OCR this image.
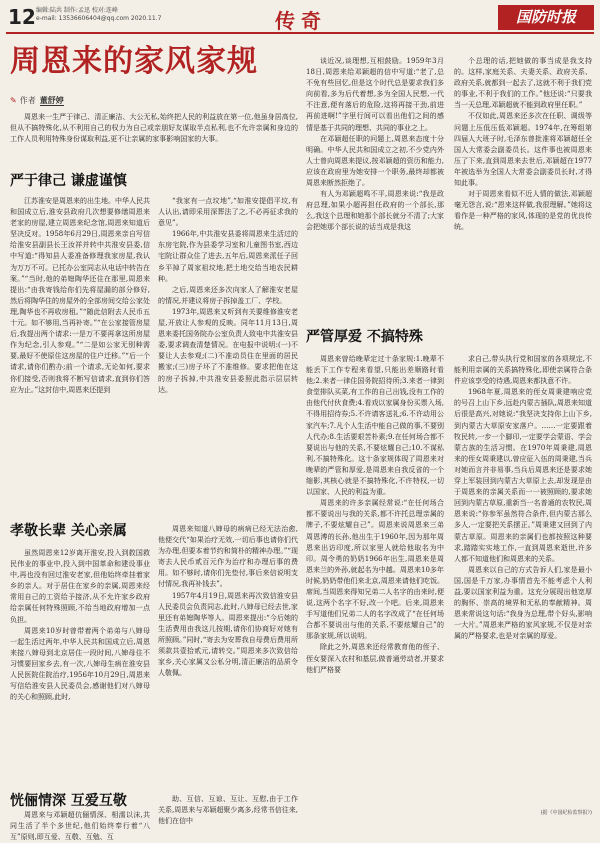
12 编辑:陆共 制作:孟迅 校对:连峰
e-mail: 13536606404@qq.com 2020.11.7	传奇	国防时报
周恩来的家风家规
✎ 作者 董舒婷

周恩来一生严于律己、清正廉洁、大公无私,始终把人民的利益放在第一位,他虽身居高位,但从不搞特殊化,从不利用自己的权力为自己或亲朋好友谋取半点私利,也不允许亲属和身边的工作人员利用特殊身份谋取利益,更不让亲属的家事影响国家的大事。

严于律己 谦虚谨慎

江苏淮安是周恩来的出生地。中华人民共和国成立后,淮安县政府几次想要修缮周恩来老家的房屋,建立周恩来纪念馆,周恩来知道后坚决反对。1958年6月29日,周恩来亲自写信给淮安县副县长王汝祥并转中共淮安县委,信中写道:“得知县人委准备修理我家房屋,我认为万万不可。已托办公室同志从电话中转告在案。”“当时,他的弟媳陶华还住在那里,周恩来提出:“由我寄钱给你们先将屋漏的部分修好,然后将陶华住的房屋外的全部房间交给公家处理,陶华也不再收房租。”“随此信附去人民币五十元。如不够用,当再补寄。”“在公家接管房屋后,我提出两个请求:一是万不要再拿这所房屋作为纪念,引人参观。”“二是如公家无别种需要,最好不使原住这房屋的住户迁移。”“后一个请求,请你们酌办;前一个请求,无论如何,要求你们接受,否则我将不断写信请求,直到你们答应为止。”这封信中,周恩来还提到

“我家有一点坟地”,“如淮安提倡平坟,有人认出,请即采用深葬法了之,不必再征求我的意见”。

1966年,中共淮安县委将周恩来生活过的东房宅院,作为县委学习室和儿童图书室,西边宅院让群众住了进去,五年后,周恩来派任子回乡平掉了周家祖坟地,把土地交给当地农民耕种。

之后,周恩来还多次向家人了解淮安老屋的情况,并建议将房子拆掉盖工厂、学校。

1973年,周恩来又听到有关要维修淮安老屋,开放让人参观的反映。同年11月13日,周恩来委托国务院办公室负责人致电中共淮安县委,要求调查清楚情况。在电报中说明:(一)不要让人去参观;(二)不准动员住在里面的居民搬家;(三)房子坏了不准维修。要求把他在这的房子拆掉,中共淮安县委照此指示层层转达。

孝敬长辈 关心亲属

虽然周恩来12岁离开淮安,投入到救国救民伟业的事业中,投入到中国革命和建设事业中,再也没有回过淮安老家,但他始终牵挂着家乡的亲人。对于居住在家乡的亲属,周恩来经常用自己的工资给予接济,从不允许家乡政府给亲属任何特殊照顾,不给当地政府增加一点负担。

周恩来10岁时曾带着两个弟弟与八婶母一起生活过两年,中华人民共和国成立后,周恩来接八婶母到北京居住一段时间,八婶母住不习惯要回家乡去,有一次,八婶母生病在淮安县人民医院住院治疗,1956年10月29日,周恩来写信给淮安县人民委员会,感谢他们对八婶母的关心和照顾,此时,

周恩来知道八婶母的病病已经无法治愈,他便交代“如果治疗无效,一切后事也请你们代为办理,但要本着节约和简朴的精神办理。”“现寄去人民币贰百元作为治疗和办理后事的费用。如不够时,请你们先垫付,事后来信说明支付情况,我再补钱去”。

1957年4月19日,周恩来再次致信淮安县人民委员会负责同志,此时,八婶母已经去世,家里还有弟媳陶华等人。周恩来提出:“今后她的生活费用由我这儿按期,请你们协商好对她有所照顾。”同时,“寄去为安葬我自母费后费用所须款共壹拾贰元,请转交。”周恩来多次致信给家乡,关心家属又公私分明,清正廉洁的品质令人敬佩。

恍俪情深 互爱互敬

周恩来与邓颖超伉俪情深、相濡以沫,共同生活了半个多世纪,他们始终奉行着“八互”原则,即互爱、互敬、互勉、互

助、互信、互谅、互让、互慰,由于工作关系,周恩来与邓颖超聚少离多,经常书信往来,他们在信中

谈近况,谈理想,互相鼓励。1959年3月18日,周恩来给邓颖超的信中写道:“老了,总不免有些回忆,但是这个时代总是要求我们多向前看,多为后代着想,多为全国人民想,一代不注意,便有落后的危险,这将再接干劲,前进再前进啊!”字里行间可以看出他们之间的感情是基于共同的理想、共同的事业之上。

在邓颖超任职的问题上,周恩来态度十分明确。中华人民共和国成立之初,不少党内外人士曾向周恩来提议,按邓颖超的资历和能力,应该在政府里为她安排一个职务,最终却都被周恩来断然拒绝了。

有人为邓颖超鸣不平,周恩来说:“我是政府总理,如果小超再担任政府的一个部长,那么,我这个总理和她那个部长就分不清了;大家会把她那个部长说的话当成是我这

个总理的话,把她做的事当成是我支持的。这样,家庭关系、夫妻关系、政府关系、政府关系,就都到一起去了,这就不利于我们党的事业,不利于我们的工作。”他还说:“只要我当一天总理,邓颖超就不能到政府里任职。”

不仅如此,周恩来还多次在任职、调级等问题上压低压低邓颖超。1974年,在筹组第四届人大班子时,毛泽东曾批准将邓颖超任全国人大常委会副委员长。这件事也被周恩来压了下来,直到周恩来去世后,邓颖超在1977年被选举为全国人大常委会副委员长时,才得知此事。

对于周恩来看似不近人情的做法,邓颖超毫无怨言,说:“恩来这样做,我很理解。”她将这看作是一种严格的家风,体现的是党的优良传统。

严管厚爱 不搞特殊

周恩来曾给晚辈定过十条家规:1.晚辈不能丢下工作专程来看望,只能出差顺路时看他;2.来者一律住国务院招待所;3.来者一律到食堂排队买菜,有工作的自己出钱,没有工作的由他代付伙食费;4.看戏以家属身份买票入场,不得用招待券;5.不许请客送礼;6.不许动用公家汽车;7.凡个人生活中能自己做的事,不要别人代办;8.生活要艰苦朴素;9.在任何场合都不要说出与他的关系,不要炫耀自己;10.不谋私利,不搞特殊化。这十条家规体现了周恩来对晚辈的严管和厚爱,是周恩来自我反省的一个缩影,其核心就是不搞特殊化,不许特权,一切以国家、人民的利益为重。

周恩来的许多亲属经常说:“在任何场合都不要说出与我的关系,都不许托总理亲属的牌子,不要炫耀自己”。周恩来说周恩来三弟周恩溥的长孙,他出生于1960年,因为那年周恩来出访印度,所以家里人就给他取名为中印。周令勇的奶奶1966年出生,周恩来是周恩来兰的外孙,就起名为中越。周恩来10多年时候,奶奶带他们来北京,周恩来请他们吃饭。席间,当周恩来得知兄弟二人名字的由来时,便说,这两个名字不好,改一个吧。后来,周恩来手写道他们兄弟二人的名字改成了“在任何场合都不要说出与他的关系,不要炫耀自己”的那条家规,所以说明。

除此之外,周恩来还经常教育他的侄子、侄女要深入农村和基层,做普通劳动者,并要求他们严格要

求自己,带头执行党和国家的各项规定,不能利用亲属的关系搞特殊化,即使亲属符合条件应该享受的待遇,周恩来都执意不许。

1968年夏,周恩来的侄女周秉建响应党的号召上山下乡,远赴内蒙古插队,周恩来知道后很是高兴,对她说:“我坚决支持你上山下乡,到内蒙古大草原安家落户。……一定要跟着牧民转,一步一个脚印,一定要学会蒙语、学会蒙古族的生活习惯。在1970年周秉建,周恩来的侄女周秉建以,曾应征入伍的周秉建,当兵对她而言并非易事,当兵后周恩来还是要求她穿上军装回到内蒙古大草原上去,却发现是由于周恩来的亲属关系而一一被照顾的,要求她回到内蒙古草原,重新当一名普通的农牧民,周恩来说:“你参军虽然符合条件,但内蒙古那么多人,一定要把关系摆正。”周秉建又回到了内蒙古草原。周恩来的亲属们也都按照这种要求,踏踏实实地工作,一直到周恩来逝世,许多人都不知道他们和周恩来的关系。

周恩来以自己的方式告诉人们,家是最小国,国是千万家,办事情首先不能考虑个人利益,要以国家利益为重。这充分展现出他宽厚的胸怀、崇高的境界和无私的奉献精神。周恩来常说这句话:“我身为总理,带个好头,影响一大片。”周恩来严格的家风家规,不仅是对亲属的严格要求,也是对亲属的厚爱。

(据《中国纪检监察报》)
